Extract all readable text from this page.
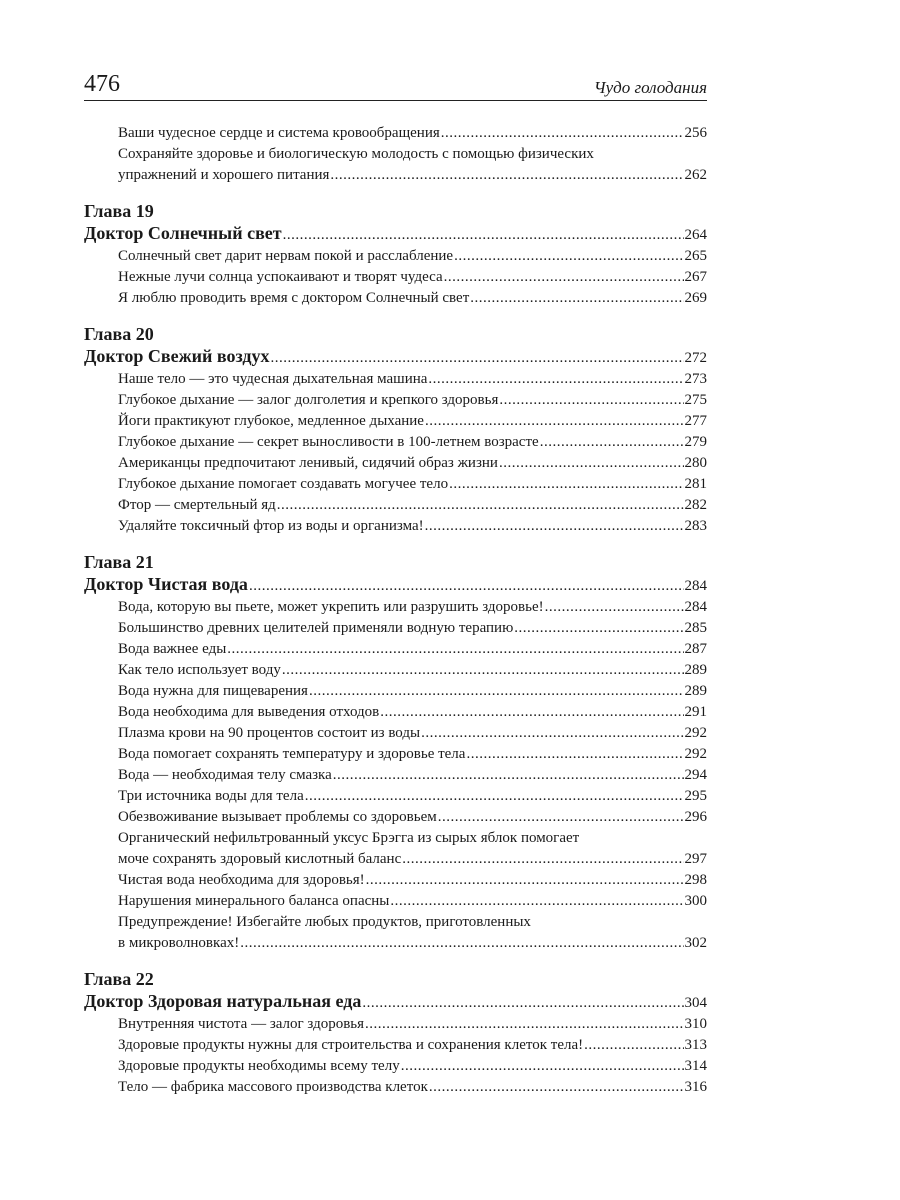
476	Чудо голодания
Ваши чудесное сердце и система кровообращения .....	256
Сохраняйте здоровье и биологическую молодость с помощью физических
упражнений и хорошего питания .....	262
Глава 19
Доктор Солнечный свет .....	264
Солнечный свет дарит нервам покой и расслабление .....	265
Нежные лучи солнца успокаивают и творят чудеса .....	267
Я люблю проводить время с доктором Солнечный свет .....	269
Глава 20
Доктор Свежий воздух .....	272
Наше тело — это чудесная дыхательная машина .....	273
Глубокое дыхание — залог долголетия и крепкого здоровья .....	275
Йоги практикуют глубокое, медленное дыхание .....	277
Глубокое дыхание — секрет выносливости в 100-летнем возрасте .....	279
Американцы предпочитают ленивый, сидячий образ жизни .....	280
Глубокое дыхание помогает создавать могучее тело .....	281
Фтор — смертельный яд .....	282
Удаляйте токсичный фтор из воды и организма! .....	283
Глава 21
Доктор Чистая вода .....	284
Вода, которую вы пьете, может укрепить или разрушить здоровье! .....	284
Большинство древних целителей применяли водную терапию .....	285
Вода важнее еды .....	287
Как тело использует воду .....	289
Вода нужна для пищеварения .....	289
Вода необходима для выведения отходов .....	291
Плазма крови на 90 процентов состоит из воды .....	292
Вода помогает сохранять температуру и здоровье тела .....	292
Вода — необходимая телу смазка .....	294
Три источника воды для тела .....	295
Обезвоживание вызывает проблемы со здоровьем .....	296
Органический нефильтрованный уксус Брэгга из сырых яблок помогает
моче сохранять здоровый кислотный баланс .....	297
Чистая вода необходима для здоровья! .....	298
Нарушения минерального баланса опасны .....	300
Предупреждение! Избегайте любых продуктов, приготовленных
в микроволновках! .....	302
Глава 22
Доктор Здоровая натуральная еда .....	304
Внутренняя чистота — залог здоровья .....	310
Здоровые продукты нужны для строительства и сохранения клеток тела! .....	313
Здоровые продукты необходимы всему телу .....	314
Тело — фабрика массового производства клеток .....	316
